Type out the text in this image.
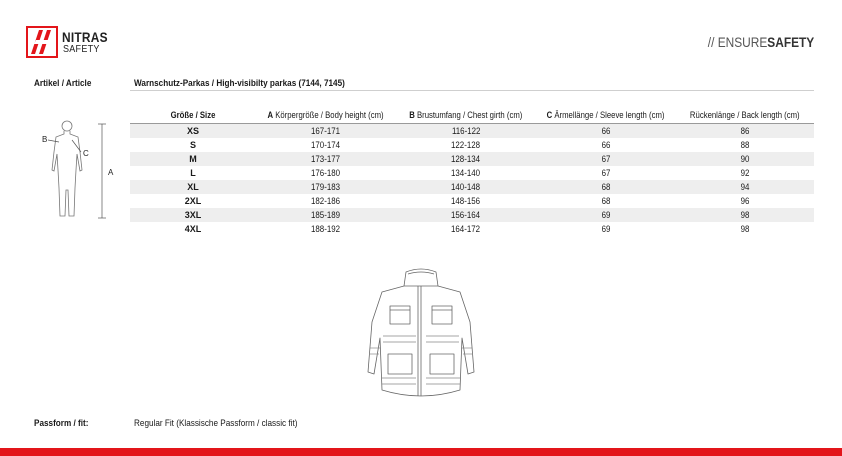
NITRAS
SAFETY	// ENSURESAFETY
Artikel / Article	Warnschutz-Parkas / High-visibilty parkas (7144, 7145)
A
B
C
Größe / Size	A Körpergröße / Body height (cm)	B Brustumfang / Chest girth (cm)	C Ärmellänge / Sleeve length (cm)	Rückenlänge / Back length (cm)
XS	167-171	116-122	66	86
S	170-174	122-128	66	88
M	173-177	128-134	67	90
L	176-180	134-140	67	92
XL	179-183	140-148	68	94
2XL	182-186	148-156	68	96
3XL	185-189	156-164	69	98
4XL	188-192	164-172	69	98
Passform / fit:	Regular Fit (Klassische Passform / classic fit)
